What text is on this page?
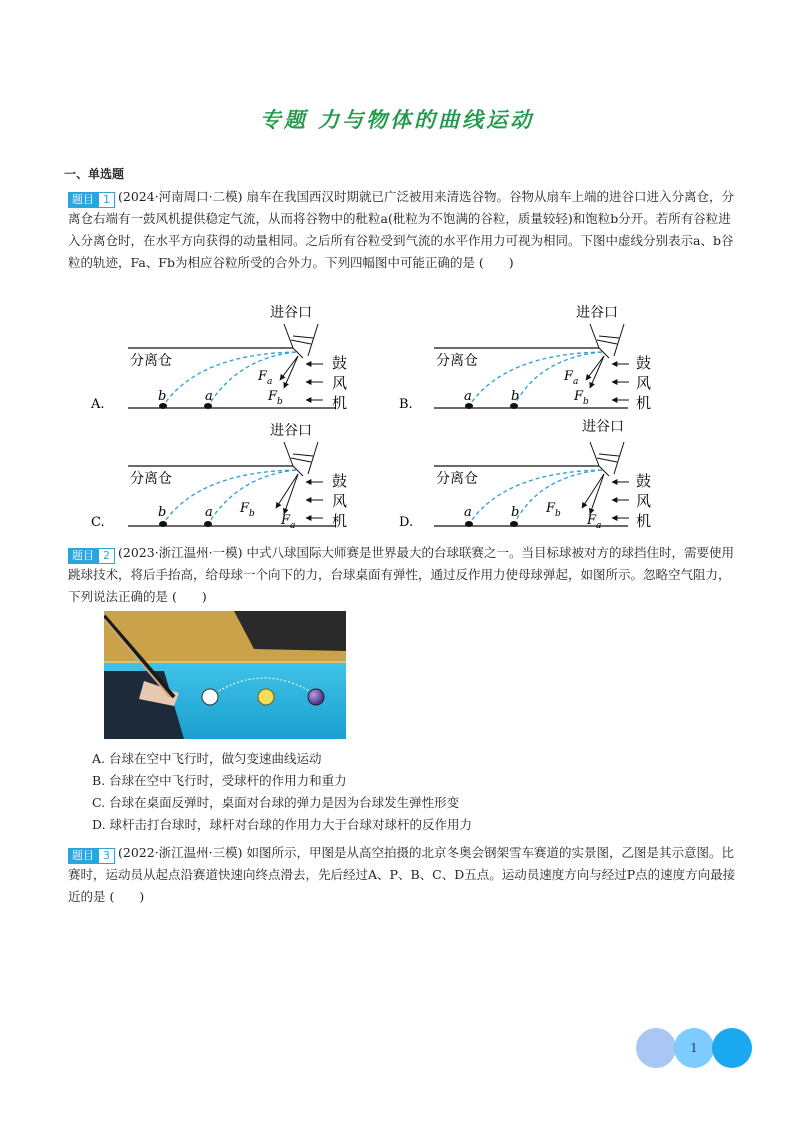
专题 力与物体的曲线运动
一、单选题
题目 1 (2024·河南周口·二模) 扇车在我国西汉时期就已广泛被用来清选谷物。谷物从扇车上端的进谷口进入分离仓，分离仓右端有一鼓风机提供稳定气流，从而将谷物中的秕粒a(秕粒为不饱满的谷粒，质量较轻)和饱粒b分开。若所有谷粒进入分离仓时，在水平方向获得的动量相同。之后所有谷粒受到气流的水平作用力可视为相同。下图中虚线分别表示a、b谷粒的轨迹，Fa、Fb为相应谷粒所受的合外力。下列四幅图中可能正确的是 (　　)
进谷口
分离仓
b	a
$F_a$
$F_b$
鼓
风
机
A.
进谷口
分离仓
a	b
$F_a$
$F_b$
鼓
风
机
B.
进谷口
分离仓
b	a $F_b$ $F_a$
鼓
风
机
C.
进谷口
分离仓
a	b $F_b$ $F_a$
鼓
风
机
D.
题目 2 (2023·浙江温州·一模) 中式八球国际大师赛是世界最大的台球联赛之一。当目标球被对方的球挡住时，需要使用跳球技术，将后手抬高，给母球一个向下的力，台球桌面有弹性，通过反作用力使母球弹起，如图所示。忽略空气阻力，下列说法正确的是 (　　)
A. 台球在空中飞行时，做匀变速曲线运动
B. 台球在空中飞行时，受球杆的作用力和重力
C. 台球在桌面反弹时，桌面对台球的弹力是因为台球发生弹性形变
D. 球杆击打台球时，球杆对台球的作用力大于台球对球杆的反作用力
题目 3 (2022·浙江温州·三模) 如图所示，甲图是从高空拍摄的北京冬奥会钢架雪车赛道的实景图，乙图是其示意图。比赛时，运动员从起点沿赛道快速向终点滑去，先后经过A、P、B、C、D五点。运动员速度方向与经过P点的速度方向最接近的是 (　　)
1
